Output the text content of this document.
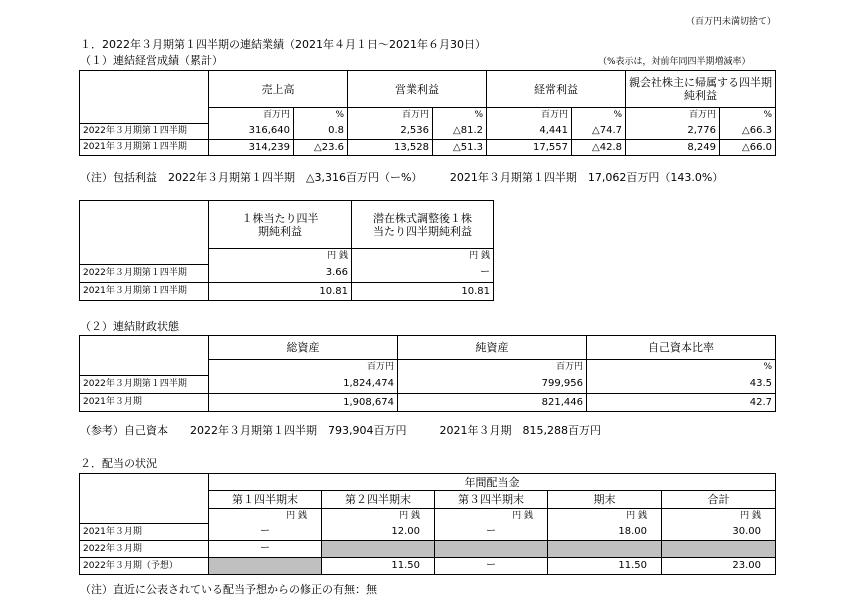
（百万円未満切捨て）
１．2022年３月期第１四半期の連結業績（2021年４月１日～2021年６月30日）
（１）連結経営成績（累計）	（%表示は，対前年同四半期増減率）
	売上高		営業利益		経常利益		親会社株主に帰属する四半期純利益	
	百万円	%	百万円	%	百万円	%	百万円	%
2022年３月期第１四半期	316,640	0.8	2,536	△81.2	4,441	△74.7	2,776	△66.3
2021年３月期第１四半期	314,239	△23.6	13,528	△51.3	17,557	△42.8	8,249	△66.0
（注）包括利益　2022年３月期第１四半期　△3,316百万円（ー%）　　　2021年３月期第１四半期　17,062百万円（143.0%）
	１株当たり四半期純利益	潜在株式調整後１株当たり四半期純利益
	円 銭	円 銭
2022年３月期第１四半期	3.66	ー
2021年３月期第１四半期	10.81	10.81
（２）連結財政状態
	総資産	純資産	自己資本比率
	百万円	百万円	%
2022年３月期第１四半期	1,824,474	799,956	43.5
2021年３月期	1,908,674	821,446	42.7
（参考）自己資本　　2022年３月期第１四半期　793,904百万円　　　2021年３月期　815,288百万円
２．配当の状況
	年間配当金				
	第１四半期末	第２四半期末	第３四半期末	期末	合計
	円 銭	円 銭	円 銭	円 銭	円 銭
2021年３月期	ー	12.00	ー	18.00	30.00
2022年３月期	ー				
2022年３月期（予想）		11.50	ー	11.50	23.00
（注）直近に公表されている配当予想からの修正の有無：無
